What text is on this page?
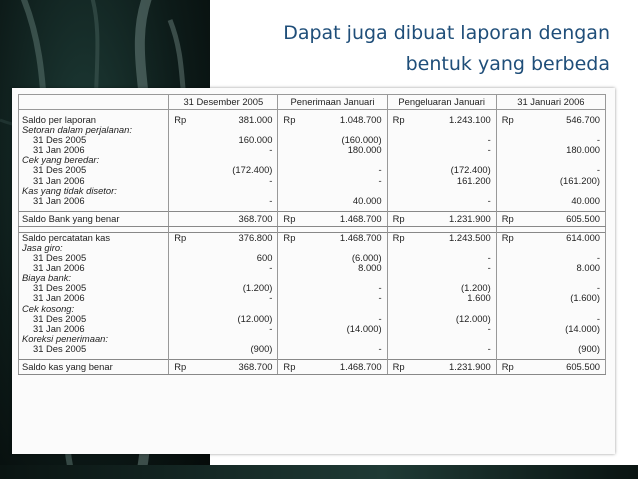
Dapat juga dibuat laporan dengan
bentuk yang berbeda
	31 Desember 2005	Penerimaan Januari	Pengeluaran Januari	31 Januari 2006

Saldo per laporan	Rp 381.000	Rp 1.048.700	Rp 1.243.100	Rp 546.700

Setoran dalam perjalanan:	

31 Des 2005	160.000	(160.000)	-	-

31 Jan 2006	-	180.000	-	180.000

Cek yang beredar:	

31 Des 2005	(172.400)	-	(172.400)	-

31 Jan 2006	-	-	161.200	(161.200)

Kas yang tidak disetor:	

31 Jan 2006	-	40.000	-	40.000

Saldo Bank yang benar	368.700	Rp 1.468.700	Rp 1.231.900	Rp 605.500

Saldo percatatan kas	Rp 376.800	Rp 1.468.700	Rp 1.243.500	Rp 614.000

Jasa giro:	

31 Des 2005	600	(6.000)	-	-

31 Jan 2006	-	8.000	-	8.000

Biaya bank:	

31 Des 2005	(1.200)	-	(1.200)	-

31 Jan 2006	-	-	1.600	(1.600)

Cek kosong:	

31 Des 2005	(12.000)	-	(12.000)	-

31 Jan 2006	-	(14.000)	-	(14.000)

Koreksi penerimaan:	

31 Des 2005	(900)	-	-	(900)

Saldo kas yang benar	Rp 368.700	Rp 1.468.700	Rp 1.231.900	Rp 605.500
